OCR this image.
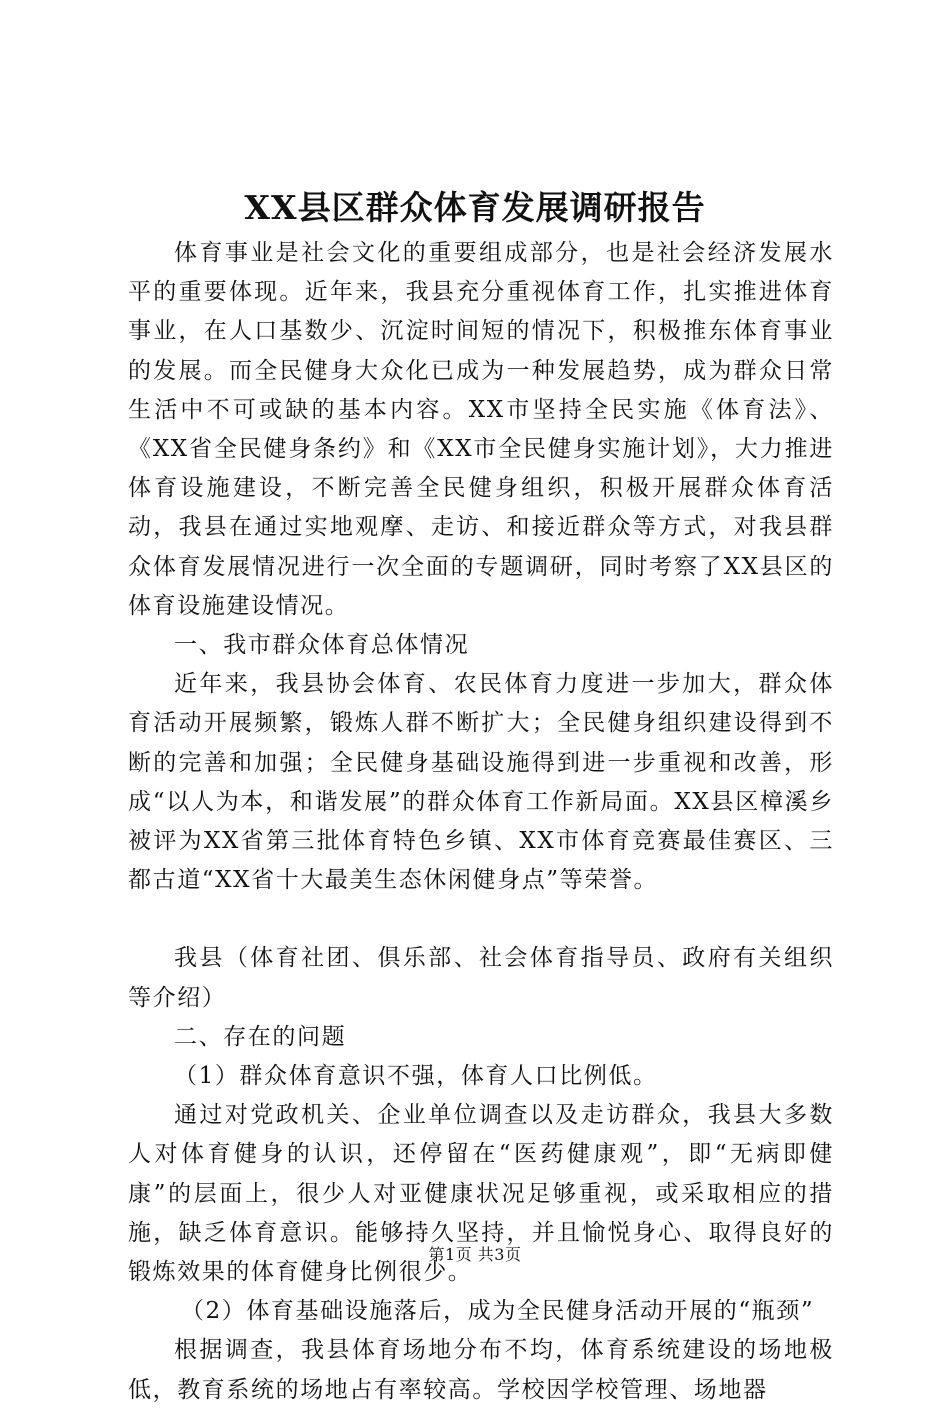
XX县区群众体育发展调研报告

体育事业是社会文化的重要组成部分，也是社会经济发展水平的重要体现。近年来，我县充分重视体育工作，扎实推进体育事业，在人口基数少、沉淀时间短的情况下，积极推东体育事业的发展。而全民健身大众化已成为一种发展趋势，成为群众日常生活中不可或缺的基本内容。XX市坚持全民实施《体育法》、《XX省全民健身条约》和《XX市全民健身实施计划》，大力推进体育设施建设，不断完善全民健身组织，积极开展群众体育活动，我县在通过实地观摩、走访、和接近群众等方式，对我县群众体育发展情况进行一次全面的专题调研，同时考察了XX县区的体育设施建设情况。

一、我市群众体育总体情况

近年来，我县协会体育、农民体育力度进一步加大，群众体育活动开展频繁，锻炼人群不断扩大；全民健身组织建设得到不断的完善和加强；全民健身基础设施得到进一步重视和改善，形成“以人为本，和谐发展”的群众体育工作新局面。XX县区樟溪乡被评为XX省第三批体育特色乡镇、XX市体育竞赛最佳赛区、三都古道“XX省十大最美生态休闲健身点”等荣誉。

我县（体育社团、俱乐部、社会体育指导员、政府有关组织等介绍）

二、存在的问题

（1）群众体育意识不强，体育人口比例低。

通过对党政机关、企业单位调查以及走访群众，我县大多数人对体育健身的认识，还停留在“医药健康观”，即“无病即健康”的层面上，很少人对亚健康状况足够重视，或采取相应的措施，缺乏体育意识。能够持久坚持，并且愉悦身心、取得良好的锻炼效果的体育健身比例很少。

（2）体育基础设施落后，成为全民健身活动开展的“瓶颈”

根据调查，我县体育场地分布不均，体育系统建设的场地极低，教育系统的场地占有率较高。学校因学校管理、场地器

第1页 共3页
